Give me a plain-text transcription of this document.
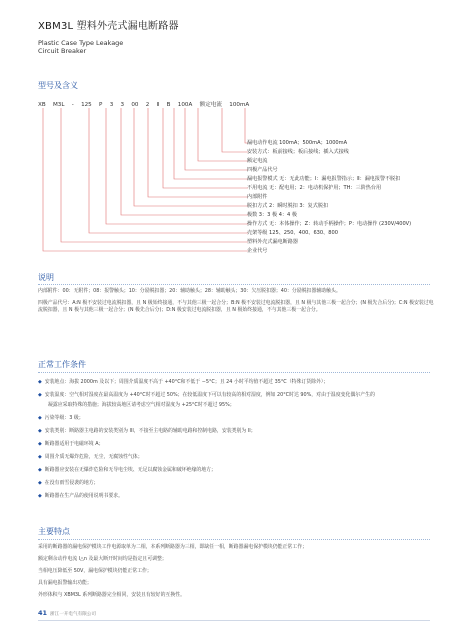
XBM3L 塑料外壳式漏电断路器
Plastic Case Type Leakage
Circuit Breaker
型号及含义
XB M3L - 125 P 3 3 00 2 Ⅱ B 100A 额定电流 100mA
漏电动作电流 100mA；500mA；1000mA
安装方式：板前接线；板后接线；插入式接线
额定电流
四极产品代号
漏电报警模式 无：无此功能；Ⅰ：漏电报警指示；Ⅱ：漏电报警不脱扣
不用电流 无：配电用；2：电动机保护用；TH：三阶热台用
内部附件
脱扣方式 2：瞬时脱扣 3：复式脱扣
极数 3：3 极 4：4 极
操作方式 无：本体操作；Z：转动手柄操作；P：电动操作 (230V/400V)
壳架等级 125、250、400、630、800
塑料外壳式漏电断路器
企业代号
说明
内部附件：00：无附件；08：报警触头；10：分励脱扣器；20：辅助触头；28：辅助触头；30：欠压脱扣器；40：分励脱扣器辅助触头。
四极产品代号：A:N 极不安装过电流脱扣器，且 N 极始终接通，不与其他三极一起合分；B:N 极不安装过电流脱扣器，且 N 极与其他三极一起合分；(N 极先合后分)；C:N 极安装过电流脱扣器，且 N 极与其他三极一起合分；(N 极先合后分)；D:N 极安装过电流脱扣器，且 N 极始终接通，不与其他三极一起合分。
正常工作条件
◆ 安装地点：海拔 2000m 及以下；周围介质温度不高于 +40°C和不低于 −5°C；且 24 小时平均值不超过 35°C（特殊订货除外）；
◆ 安装温度：空气相对湿度在最高温度为 +40°C时不超过 50%；在较低温度下可以有较高的相对湿度，例如 20°C时达 90%，对由于温度变化偶尔产生的
凝露应采取特殊的措施；海拔较高地区请考虑空气相对湿度为 +25°C时不超过 95%；
◆ 污染等级：3 级；
◆ 安装类别：断路器主电路的安装类别为 III，不接至主电路的辅助电路和控制电路，安装类别为 II；
◆ 断路器适用于电磁环境 A；
◆ 周围介质无爆炸危险，无尘，无腐蚀性气体；
◆ 断路器应安装在无爆炸危险和无导电尘埃、无足以腐蚀金属和破坏绝缘的地方；
◆ 在没有雨雪侵袭的地方；
◆ 断路器在生产品的使用说明书要求。
主要特点
采用的断路器的漏电保护模块工作电源取单为二相，本系列断路器为三相，即缺任一相，断路器漏电保护模块仍能正常工作；
额定剩余动作电流 I△n 及最大断开时间均是指定且可调整；
当相电压降低至 50V，漏电保护模块仍能正常工作；
具有漏电报警输出功能；
外形体积与 XBM3L 系列断路器完全相同，安装且有较好的互换性。
41 浙江一开电气有限公司
